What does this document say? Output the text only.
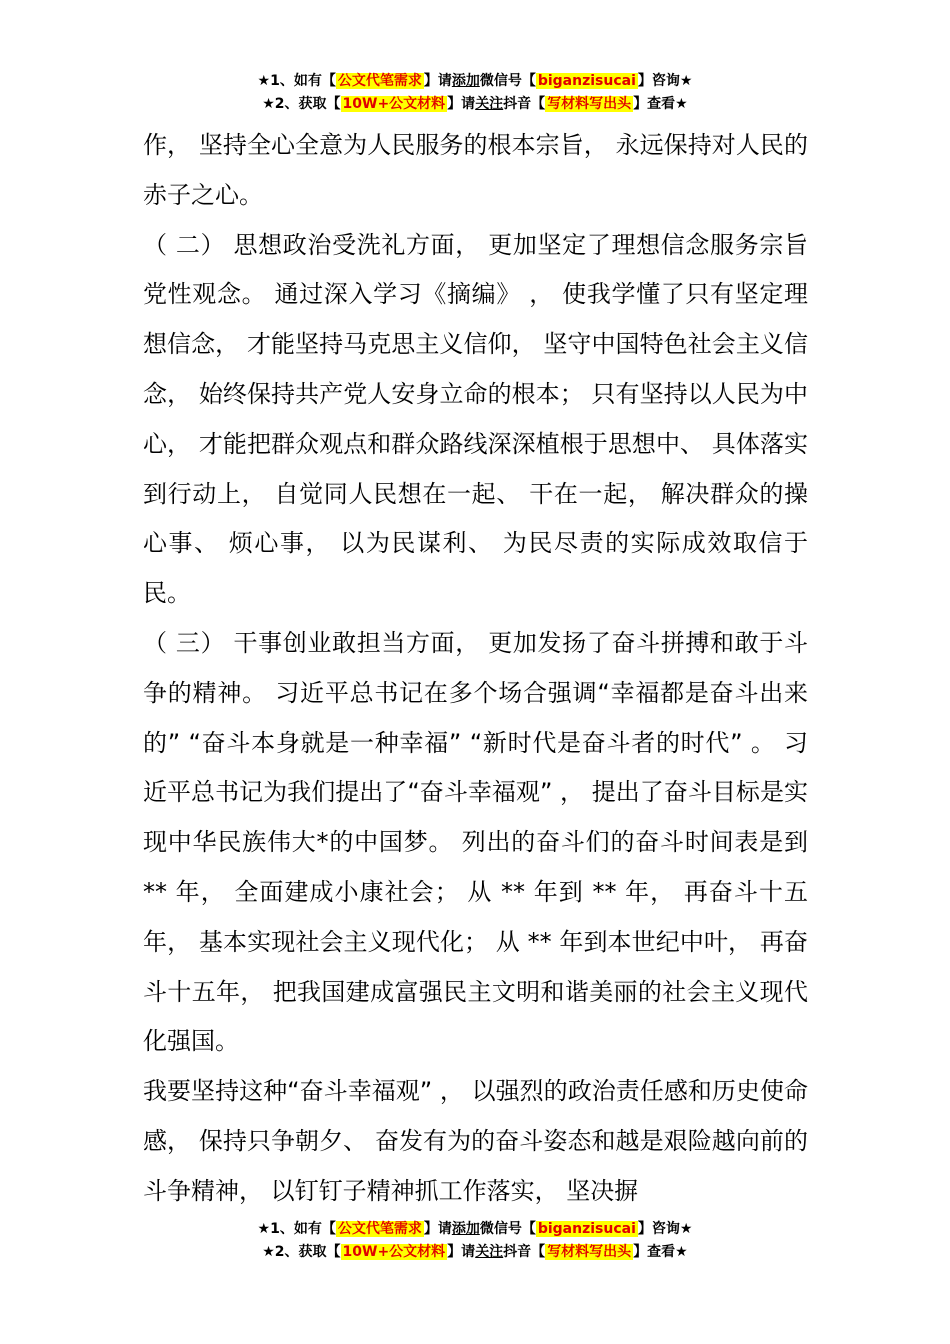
★1、如有【 公文代笔需求 】请添加微信号【 biganzisucai 】咨询★
★2、获取【 10W+公文材料 】请关注抖音【 写材料写出头 】查看★

作， 坚持全心全意为人民服务的根本宗旨， 永远保持对人民的赤子之心。

（ 二） 思想政治受洗礼方面， 更加坚定了理想信念服务宗旨党性观念。 通过深入学习《摘编》 ， 使我学懂了只有坚定理想信念， 才能坚持马克思主义信仰， 坚守中国特色社会主义信念， 始终保持共产党人安身立命的根本； 只有坚持以人民为中心， 才能把群众观点和群众路线深深植根于思想中、 具体落实到行动上， 自觉同人民想在一起、 干在一起， 解决群众的操心事、 烦心事， 以为民谋利、 为民尽责的实际成效取信于民。

（ 三） 干事创业敢担当方面， 更加发扬了奋斗拼搏和敢于斗争的精神。 习近平总书记在多个场合强调“幸福都是奋斗出来的” “奋斗本身就是一种幸福” “新时代是奋斗者的时代” 。 习近平总书记为我们提出了“奋斗幸福观” ， 提出了奋斗目标是实现中华民族伟大*的中国梦。 列出的奋斗们的奋斗时间表是到** 年， 全面建成小康社会； 从 ** 年到 ** 年， 再奋斗十五年， 基本实现社会主义现代化； 从 ** 年到本世纪中叶， 再奋斗十五年， 把我国建成富强民主文明和谐美丽的社会主义现代化强国。

我要坚持这种“奋斗幸福观” ， 以强烈的政治责任感和历史使命感， 保持只争朝夕、 奋发有为的奋斗姿态和越是艰险越向前的斗争精神， 以钉钉子精神抓工作落实， 坚决摒

★1、如有【 公文代笔需求 】请添加微信号【 biganzisucai 】咨询★
★2、获取【 10W+公文材料 】请关注抖音【 写材料写出头 】查看★
